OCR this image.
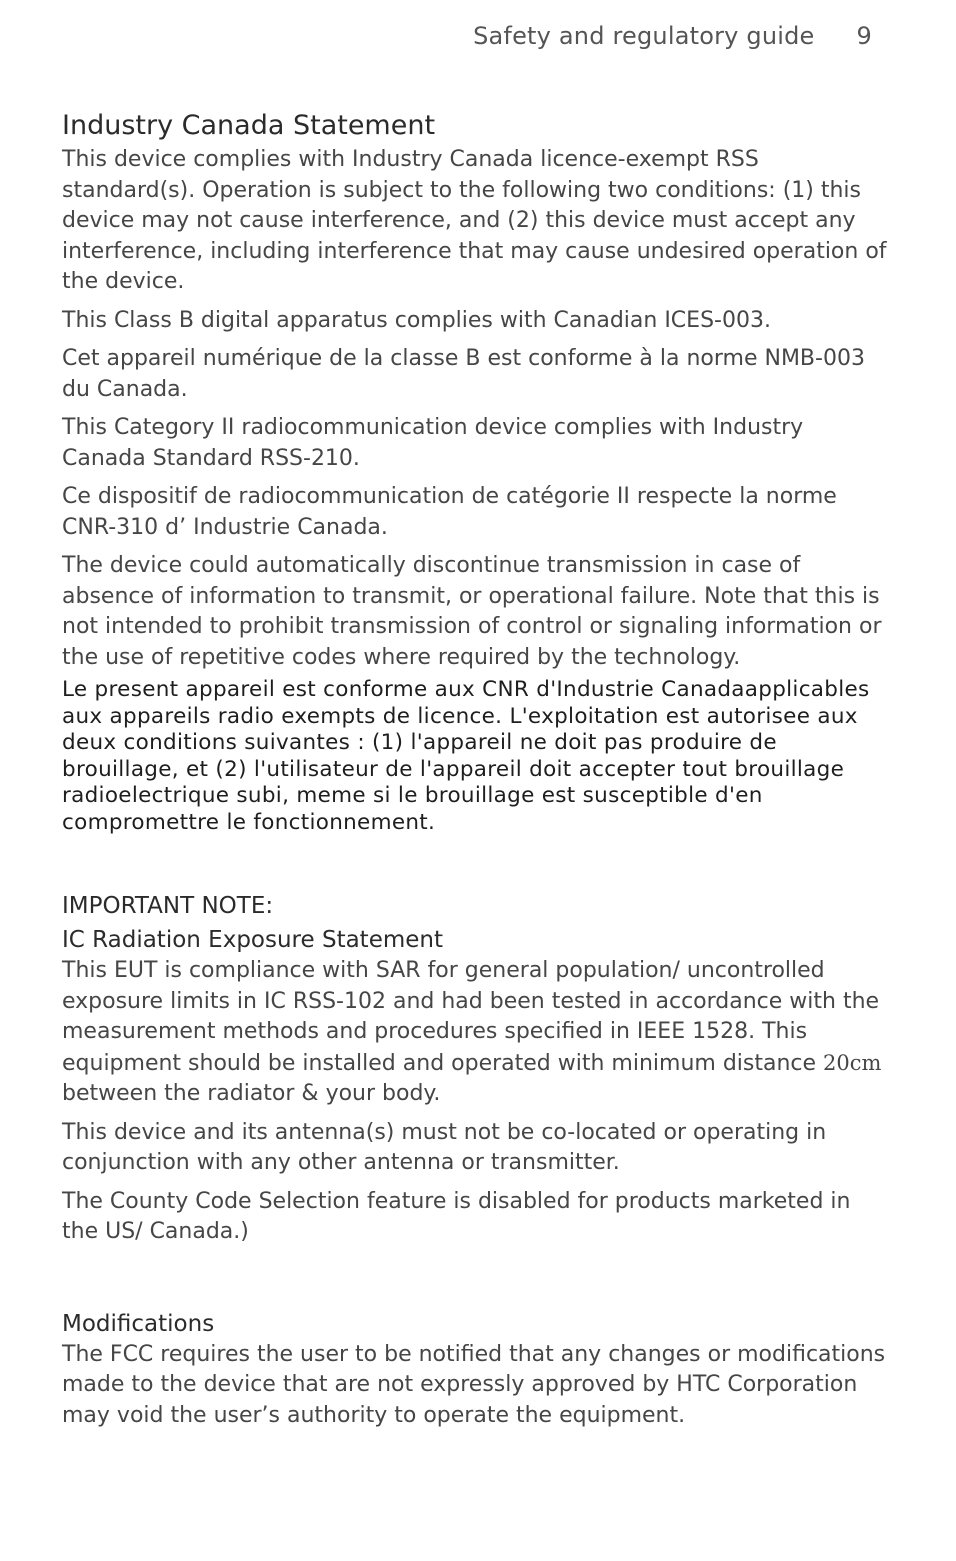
Safety and regulatory guide 9
Industry Canada Statement

This device complies with Industry Canada licence-exempt RSS standard(s). Operation is subject to the following two conditions: (1) this device may not cause interference, and (2) this device must accept any interference, including interference that may cause undesired operation of the device.

This Class B digital apparatus complies with Canadian ICES-003.

Cet appareil numérique de la classe B est conforme à la norme NMB-003 du Canada.

This Category II radiocommunication device complies with Industry Canada Standard RSS-210.

Ce dispositif de radiocommunication de catégorie II respecte la norme CNR-310 d’ Industrie Canada.

The device could automatically discontinue transmission in case of absence of information to transmit, or operational failure. Note that this is not intended to prohibit transmission of control or signaling information or the use of repetitive codes where required by the technology.

Le present appareil est conforme aux CNR d'Industrie Canadaapplicables aux appareils radio exempts de licence. L'exploitation est autorisee aux deux conditions suivantes : (1) l'appareil ne doit pas produire de brouillage, et (2) l'utilisateur de l'appareil doit accepter tout brouillage radioelectrique subi, meme si le brouillage est susceptible d'en compromettre le fonctionnement.

IMPORTANT NOTE:
IC Radiation Exposure Statement

This EUT is compliance with SAR for general population/ uncontrolled exposure limits in IC RSS-102 and had been tested in accordance with the measurement methods and procedures specified in IEEE 1528. This equipment should be installed and operated with minimum distance 20cm between the radiator & your body.

This device and its antenna(s) must not be co-located or operating in conjunction with any other antenna or transmitter.

The County Code Selection feature is disabled for products marketed in the US/ Canada.)

Modifications

The FCC requires the user to be notified that any changes or modifications made to the device that are not expressly approved by HTC Corporation may void the user’s authority to operate the equipment.
